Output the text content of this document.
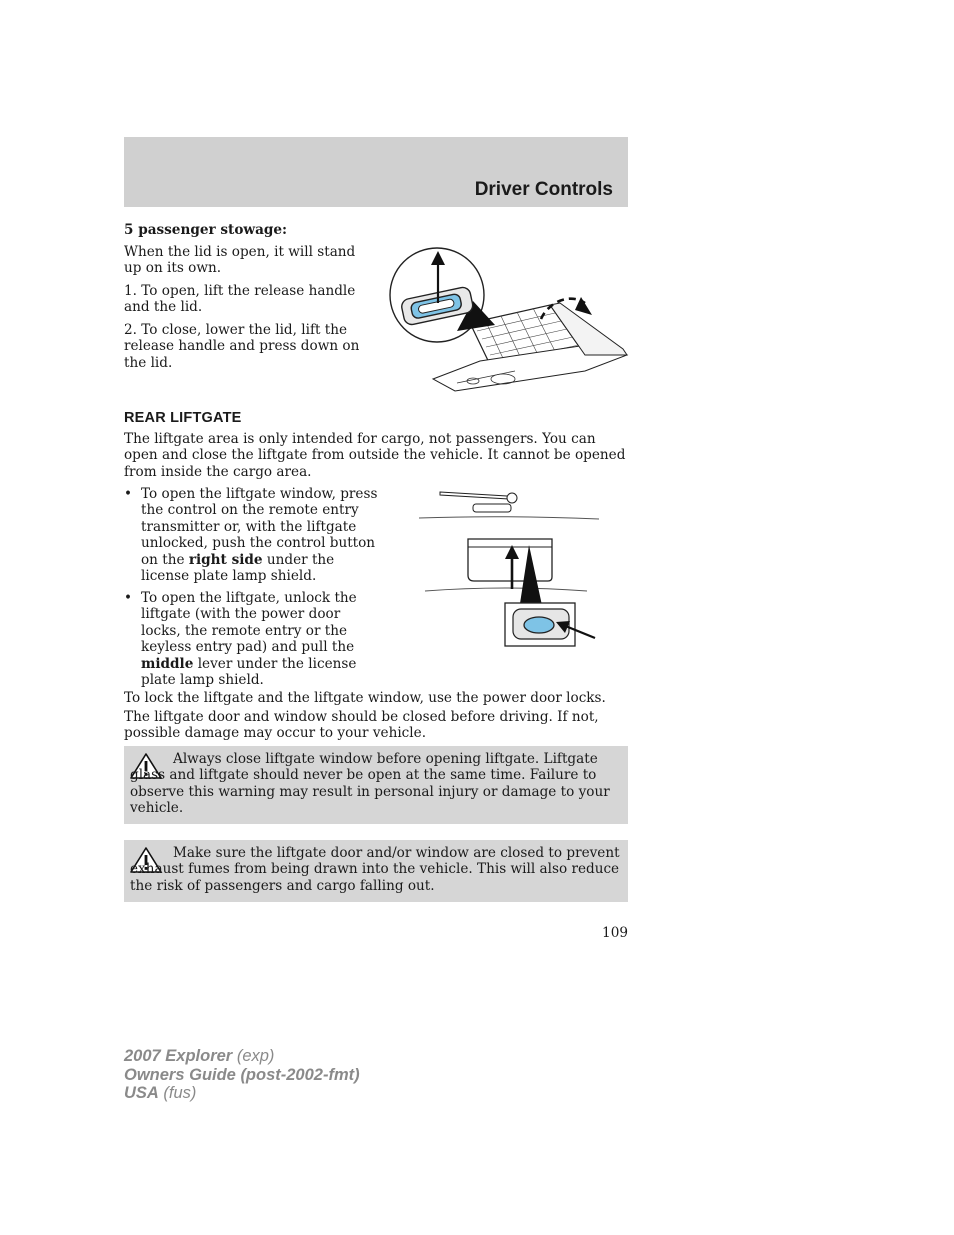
Driver Controls
5 passenger stowage:

When the lid is open, it will stand up on its own.

1. To open, lift the release handle and the lid.

2. To close, lower the lid, lift the release handle and press down on the lid.

REAR LIFTGATE

The liftgate area is only intended for cargo, not passengers. You can open and close the liftgate from outside the vehicle. It cannot be opened from inside the cargo area.

• To open the liftgate window, press the control on the remote entry transmitter or, with the liftgate unlocked, push the control button on the right side under the license plate lamp shield.

• To open the liftgate, unlock the liftgate (with the power door locks, the remote entry or the keyless entry pad) and pull the middle lever under the license plate lamp shield.

To lock the liftgate and the liftgate window, use the power door locks.

The liftgate door and window should be closed before driving. If not, possible damage may occur to your vehicle.

Always close liftgate window before opening liftgate. Liftgate glass and liftgate should never be open at the same time. Failure to observe this warning may result in personal injury or damage to your vehicle.

Make sure the liftgate door and/or window are closed to prevent exhaust fumes from being drawn into the vehicle. This will also reduce the risk of passengers and cargo falling out.

109
2007 Explorer (exp)
Owners Guide (post-2002-fmt)
USA (fus)
